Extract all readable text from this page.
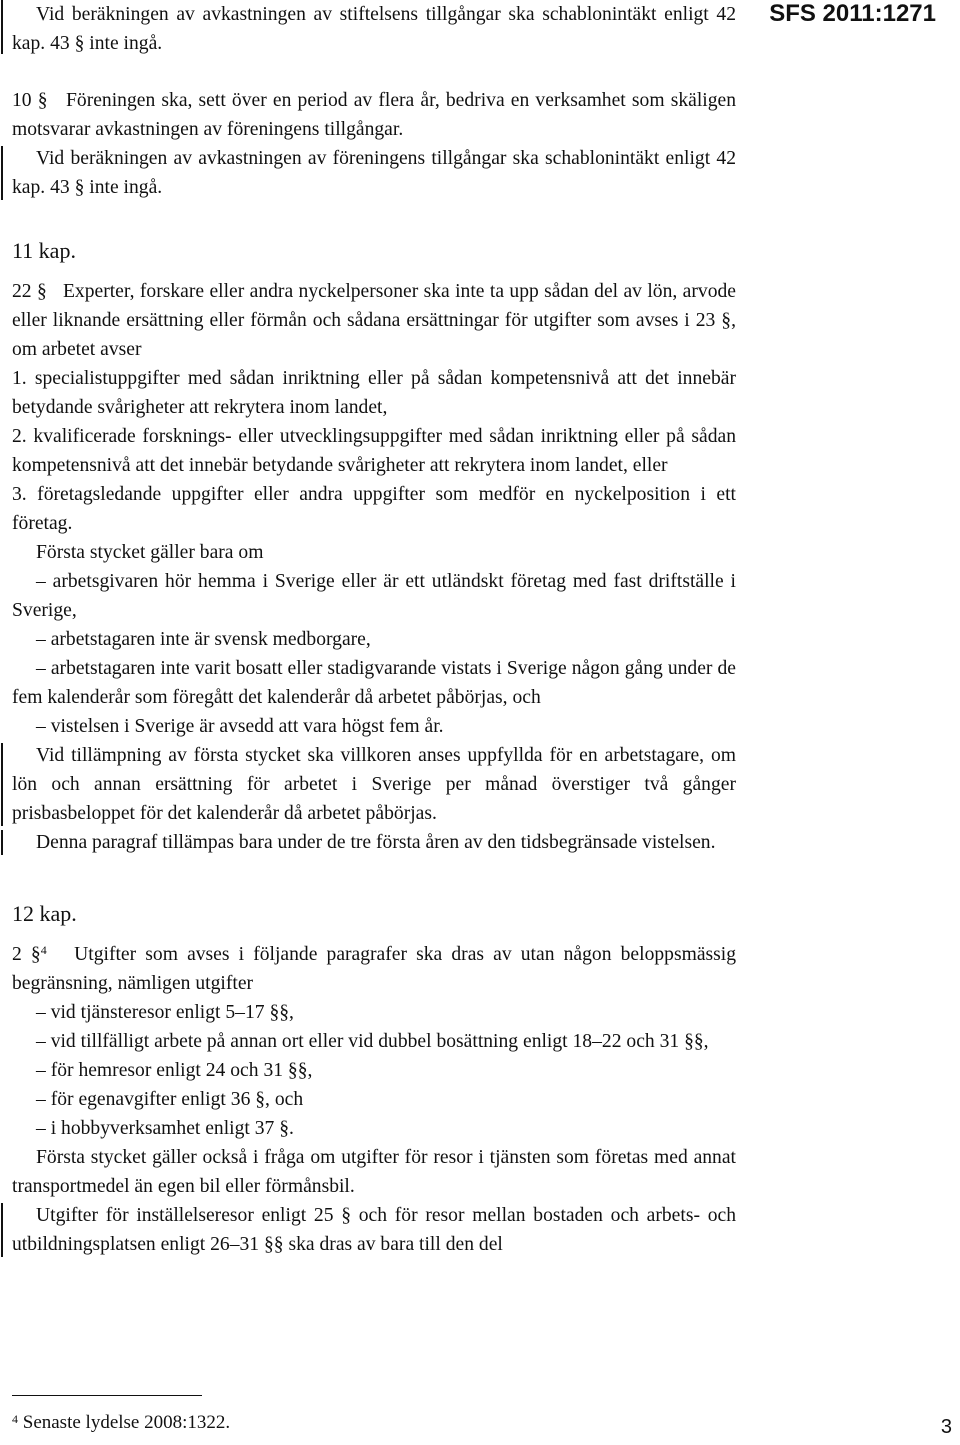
SFS 2011:1271

Vid beräkningen av avkastningen av stiftelsens tillgångar ska schablonintäkt enligt 42 kap. 43 § inte ingå.

10 § Föreningen ska, sett över en period av flera år, bedriva en verksamhet som skäligen motsvarar avkastningen av föreningens tillgångar.

Vid beräkningen av avkastningen av föreningens tillgångar ska schablonintäkt enligt 42 kap. 43 § inte ingå.

11 kap.

22 § Experter, forskare eller andra nyckelpersoner ska inte ta upp sådan del av lön, arvode eller liknande ersättning eller förmån och sådana ersättningar för utgifter som avses i 23 §, om arbetet avser

1. specialistuppgifter med sådan inriktning eller på sådan kompetensnivå att det innebär betydande svårigheter att rekrytera inom landet,

2. kvalificerade forsknings- eller utvecklingsuppgifter med sådan inriktning eller på sådan kompetensnivå att det innebär betydande svårigheter att rekrytera inom landet, eller

3. företagsledande uppgifter eller andra uppgifter som medför en nyckelposition i ett företag.

Första stycket gäller bara om

– arbetsgivaren hör hemma i Sverige eller är ett utländskt företag med fast driftställe i Sverige,

– arbetstagaren inte är svensk medborgare,

– arbetstagaren inte varit bosatt eller stadigvarande vistats i Sverige någon gång under de fem kalenderår som föregått det kalenderår då arbetet påbörjas, och

– vistelsen i Sverige är avsedd att vara högst fem år.

Vid tillämpning av första stycket ska villkoren anses uppfyllda för en arbetstagare, om lön och annan ersättning för arbetet i Sverige per månad överstiger två gånger prisbasbeloppet för det kalenderår då arbetet påbörjas.

Denna paragraf tillämpas bara under de tre första åren av den tidsbegränsade vistelsen.

12 kap.

2 §$^4$ Utgifter som avses i följande paragrafer ska dras av utan någon beloppsmässig begränsning, nämligen utgifter

– vid tjänsteresor enligt 5–17 §§,

– vid tillfälligt arbete på annan ort eller vid dubbel bosättning enligt 18–22 och 31 §§,

– för hemresor enligt 24 och 31 §§,

– för egenavgifter enligt 36 §, och

– i hobbyverksamhet enligt 37 §.

Första stycket gäller också i fråga om utgifter för resor i tjänsten som företas med annat transportmedel än egen bil eller förmånsbil.

Utgifter för inställelseresor enligt 25 § och för resor mellan bostaden och arbets- och utbildningsplatsen enligt 26–31 §§ ska dras av bara till den del

$^4$ Senaste lydelse 2008:1322.	3
